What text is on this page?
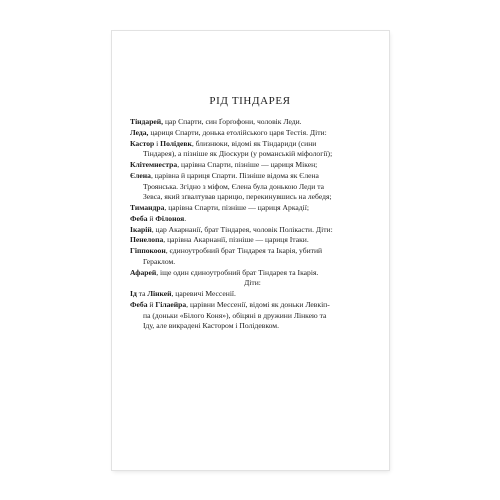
РІД ТІНДАРЕЯ
Тіндарей, цар Спарти, син Ґорґофони, чоловік Леди.
Леда, цариця Спарти, донька етолійського царя Тестія. Діти:
Кастор і Полідевк, близнюки, відомі як Тіндариди (сини
Тіндарея), а пізніше як Діоскури (у романській міфології);
Клітемнестра, царівна Спарти, пізніше — цариця Мікен;
Єлена, царівна й цариця Спарти. Пізніше відома як Єлена
Троянська. Згідно з міфом, Єлена була донькою Леди та
Зевса, який зґвалтував царицю, перекинувшись на лебедя;
Тимандра, царівна Спарти, пізніше — цариця Аркадії;
Феба й Філоноя.
Ікарій, цар Акарнанії, брат Тіндарея, чоловік Полікасти. Діти:
Пенелопа, царівна Акарнанії, пізніше — цариця Ітаки.
Гіппокоон, єдиноутробний брат Тіндарея та Ікарія, убитий
Гераклом.
Афарей, іще один єдиноутробний брат Тіндарея та Ікарія.
Діти:
Ід та Лінкей, царевичі Мессенії.
Феба й Гілаейра, царівни Мессенії, відомі як доньки Левкіп-
па (доньки «Білого Коня»), обіцяні в дружини Лінкею та
Іду, але викрадені Кастором і Полідевком.
